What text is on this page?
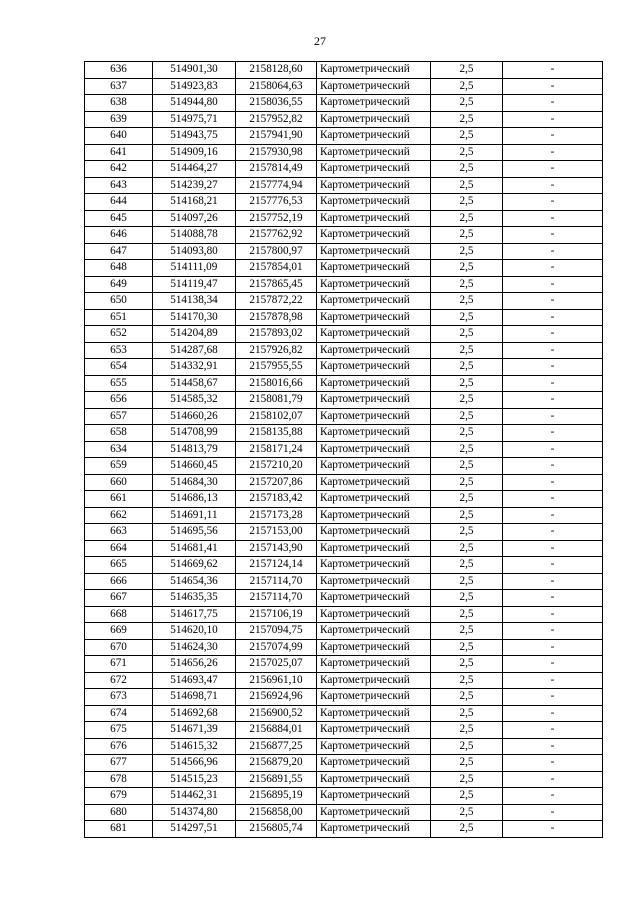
27
636	514901,30	2158128,60	Картометрический	2,5	-
637	514923,83	2158064,63	Картометрический	2,5	-
638	514944,80	2158036,55	Картометрический	2,5	-
639	514975,71	2157952,82	Картометрический	2,5	-
640	514943,75	2157941,90	Картометрический	2,5	-
641	514909,16	2157930,98	Картометрический	2,5	-
642	514464,27	2157814,49	Картометрический	2,5	-
643	514239,27	2157774,94	Картометрический	2,5	-
644	514168,21	2157776,53	Картометрический	2,5	-
645	514097,26	2157752,19	Картометрический	2,5	-
646	514088,78	2157762,92	Картометрический	2,5	-
647	514093,80	2157800,97	Картометрический	2,5	-
648	514111,09	2157854,01	Картометрический	2,5	-
649	514119,47	2157865,45	Картометрический	2,5	-
650	514138,34	2157872,22	Картометрический	2,5	-
651	514170,30	2157878,98	Картометрический	2,5	-
652	514204,89	2157893,02	Картометрический	2,5	-
653	514287,68	2157926,82	Картометрический	2,5	-
654	514332,91	2157955,55	Картометрический	2,5	-
655	514458,67	2158016,66	Картометрический	2,5	-
656	514585,32	2158081,79	Картометрический	2,5	-
657	514660,26	2158102,07	Картометрический	2,5	-
658	514708,99	2158135,88	Картометрический	2,5	-
634	514813,79	2158171,24	Картометрический	2,5	-
659	514660,45	2157210,20	Картометрический	2,5	-
660	514684,30	2157207,86	Картометрический	2,5	-
661	514686,13	2157183,42	Картометрический	2,5	-
662	514691,11	2157173,28	Картометрический	2,5	-
663	514695,56	2157153,00	Картометрический	2,5	-
664	514681,41	2157143,90	Картометрический	2,5	-
665	514669,62	2157124,14	Картометрический	2,5	-
666	514654,36	2157114,70	Картометрический	2,5	-
667	514635,35	2157114,70	Картометрический	2,5	-
668	514617,75	2157106,19	Картометрический	2,5	-
669	514620,10	2157094,75	Картометрический	2,5	-
670	514624,30	2157074,99	Картометрический	2,5	-
671	514656,26	2157025,07	Картометрический	2,5	-
672	514693,47	2156961,10	Картометрический	2,5	-
673	514698,71	2156924,96	Картометрический	2,5	-
674	514692,68	2156900,52	Картометрический	2,5	-
675	514671,39	2156884,01	Картометрический	2,5	-
676	514615,32	2156877,25	Картометрический	2,5	-
677	514566,96	2156879,20	Картометрический	2,5	-
678	514515,23	2156891,55	Картометрический	2,5	-
679	514462,31	2156895,19	Картометрический	2,5	-
680	514374,80	2156858,00	Картометрический	2,5	-
681	514297,51	2156805,74	Картометрический	2,5	-
